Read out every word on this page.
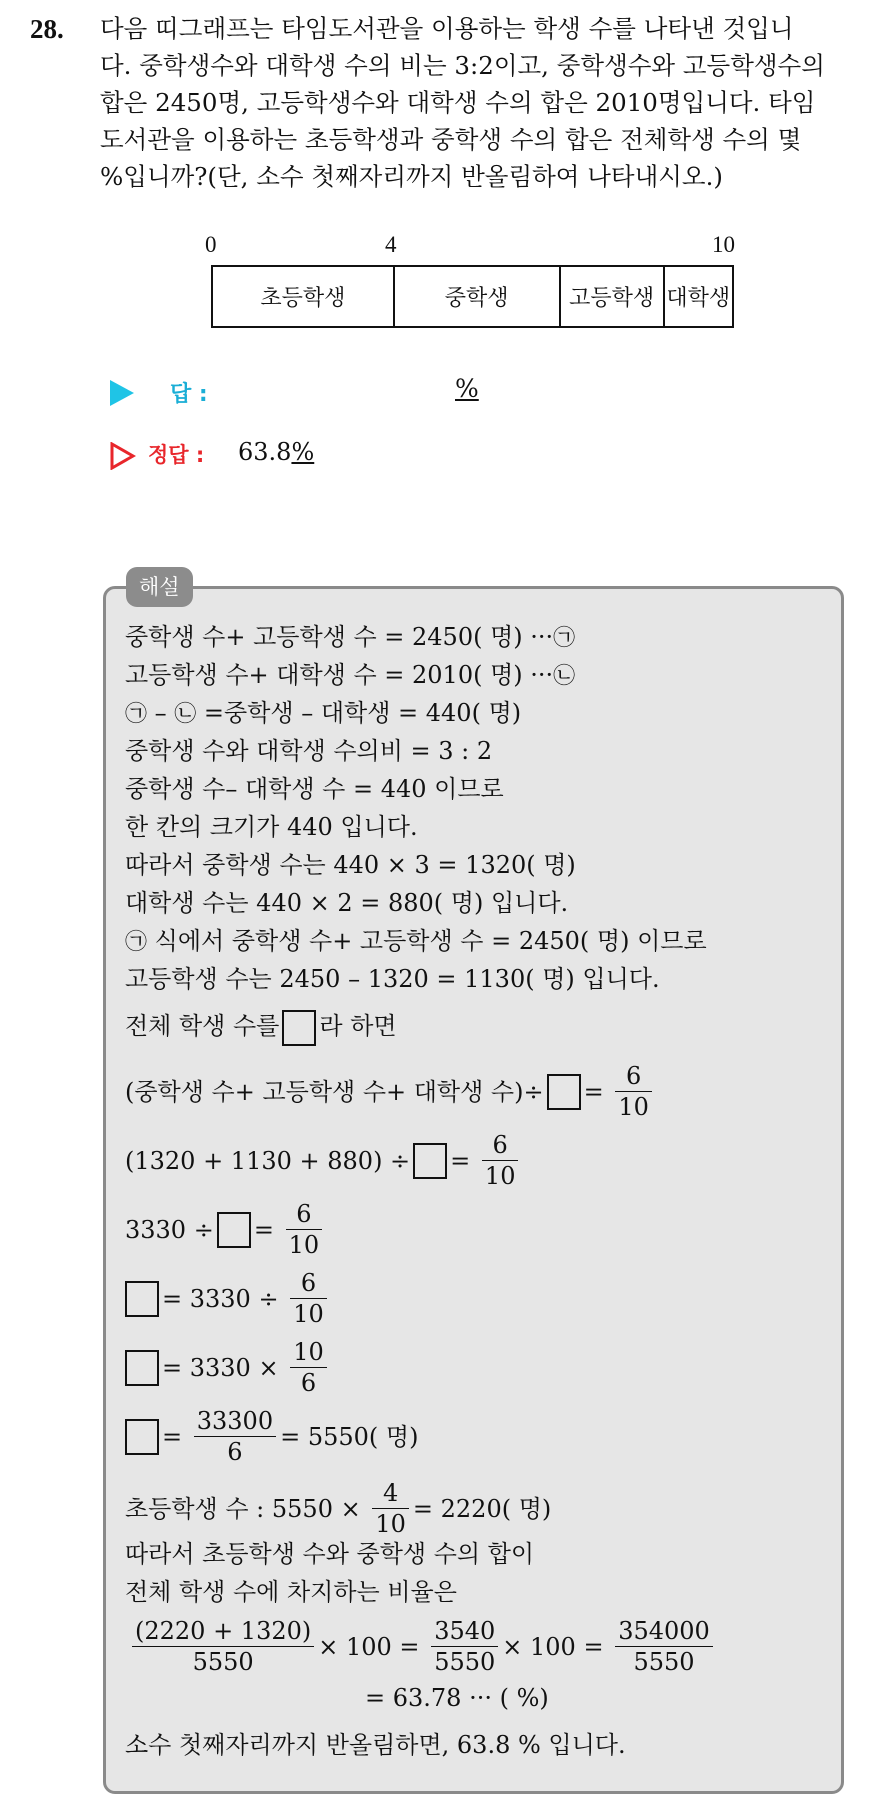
28. 다음 띠그래프는 타임도서관을 이용하는 학생 수를 나타낸 것입니
다. 중학생수와 대학생 수의 비는 3:2이고, 중학생수와 고등학생수의
합은 2450명, 고등학생수와 대학생 수의 합은 2010명입니다. 타임
도서관을 이용하는 초등학생과 중학생 수의 합은 전체학생 수의 몇
%입니까?(단, 소수 첫째자리까지 반올림하여 나타내시오.)
0	4	10
초등학생	중학생	고등학생 대학생
답 :	%
정답 : 63.8%
해설
중학생 수+ 고등학생 수 = 2450( 명) ···㉠
고등학생 수+ 대학생 수 = 2010( 명) ···㉡
㉠ – ㉡ =중학생 – 대학생 = 440( 명)
중학생 수와 대학생 수의비 = 3 : 2
중학생 수– 대학생 수 = 440 이므로
한 칸의 크기가 440 입니다.
따라서 중학생 수는 440 × 3 = 1320( 명)
대학생 수는 440 × 2 = 880( 명) 입니다.
㉠ 식에서 중학생 수+ 고등학생 수 = 2450( 명) 이므로
고등학생 수는 2450 – 1320 = 1130( 명) 입니다.
전체 학생 수를 라 하면
(중학생 수+ 고등학생 수+ 대학생 수)÷ = $\frac{6}{10}$
(1320 + 1130 + 880) ÷ = $\frac{6}{10}$
3330 ÷ = $\frac{6}{10}$
= $3330 \div \frac{6}{10}$
= $3330 \times \frac{10}{6}$
= $\frac{33300}{6} = 5550$( 명)
초등학생 수 : $5550 \times \frac{4}{10} = 2220$( 명)
따라서 초등학생 수와 중학생 수의 합이
전체 학생 수에 차지하는 비율은
$\frac{(2220 + 1320)}{5550} \times 100 = \frac{3540}{5550} \times 100 = \frac{354000}{5550}$
= 63.78 ··· ( %)
소수 첫째자리까지 반올림하면, 63.8 % 입니다.
